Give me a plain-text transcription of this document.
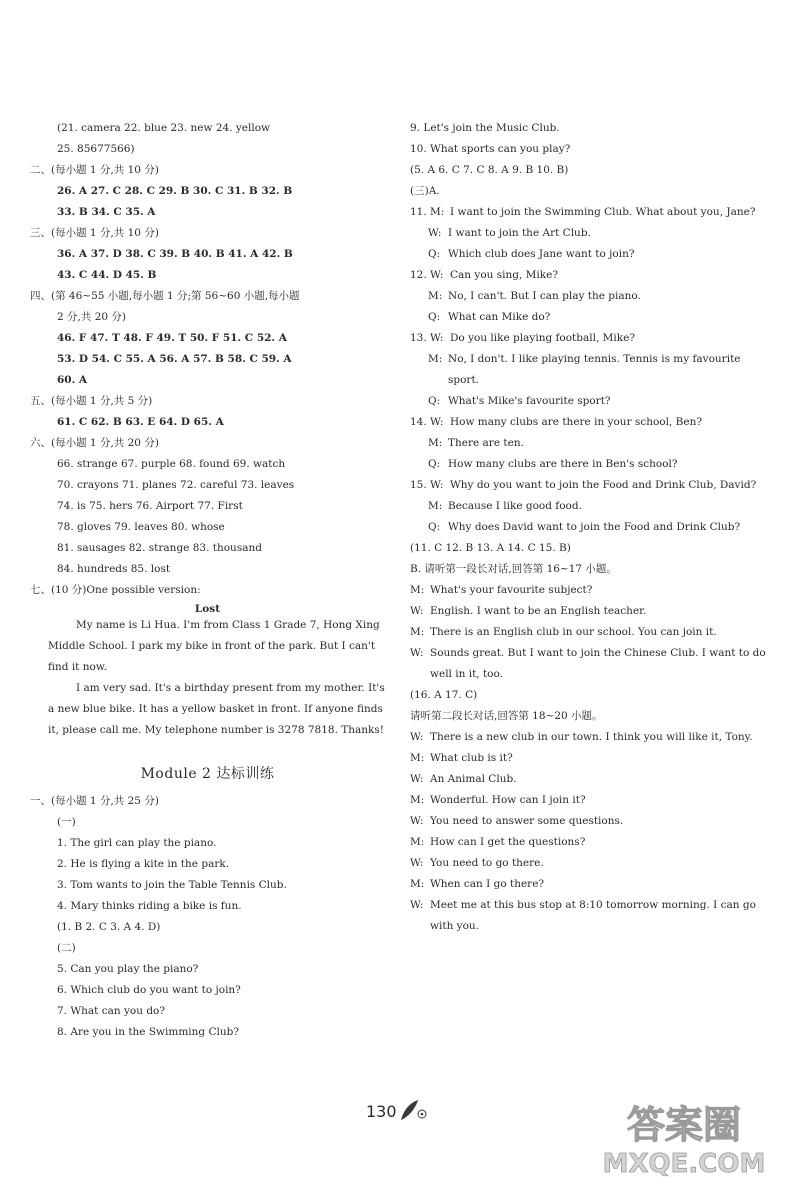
(21. camera 22. blue 23. new 24. yellow
25. 85677566)
二、(每小题 1 分,共 10 分)
26. A 27. C 28. C 29. B 30. C 31. B 32. B
33. B 34. C 35. A
三、(每小题 1 分,共 10 分)
36. A 37. D 38. C 39. B 40. B 41. A 42. B
43. C 44. D 45. B
四、(第 46~55 小题,每小题 1 分;第 56~60 小题,每小题
2 分,共 20 分)
46. F 47. T 48. F 49. T 50. F 51. C 52. A
53. D 54. C 55. A 56. A 57. B 58. C 59. A
60. A
五、(每小题 1 分,共 5 分)
61. C 62. B 63. E 64. D 65. A
六、(每小题 1 分,共 20 分)
66. strange 67. purple 68. found 69. watch
70. crayons 71. planes 72. careful 73. leaves
74. is 75. hers 76. Airport 77. First
78. gloves 79. leaves 80. whose
81. sausages 82. strange 83. thousand
84. hundreds 85. lost
七、(10 分)One possible version:
Lost
My name is Li Hua. I'm from Class 1 Grade 7, Hong Xing Middle School. I park my bike in front of the park. But I can't find it now.
I am very sad. It's a birthday present from my mother. It's a new blue bike. It has a yellow basket in front. If anyone finds it, please call me. My telephone number is 3278 7818. Thanks!
Module 2 达标训练
一、(每小题 1 分,共 25 分)
(一)
1. The girl can play the piano.
2. He is flying a kite in the park.
3. Tom wants to join the Table Tennis Club.
4. Mary thinks riding a bike is fun.
(1. B 2. C 3. A 4. D)
(二)
5. Can you play the piano?
6. Which club do you want to join?
7. What can you do?
8. Are you in the Swimming Club?
9. Let's join the Music Club.
10. What sports can you play?
(5. A 6. C 7. C 8. A 9. B 10. B)
(三)A.
11. M: I want to join the Swimming Club. What about you, Jane?
W: I want to join the Art Club.
Q: Which club does Jane want to join?
12. W: Can you sing, Mike?
M: No, I can't. But I can play the piano.
Q: What can Mike do?
13. W: Do you like playing football, Mike?
M: No, I don't. I like playing tennis. Tennis is my favourite sport.
Q: What's Mike's favourite sport?
14. W: How many clubs are there in your school, Ben?
M: There are ten.
Q: How many clubs are there in Ben's school?
15. W: Why do you want to join the Food and Drink Club, David?
M: Because I like good food.
Q: Why does David want to join the Food and Drink Club?
(11. C 12. B 13. A 14. C 15. B)
B. 请听第一段长对话,回答第 16~17 小题。
M: What's your favourite subject?
W: English. I want to be an English teacher.
M: There is an English club in our school. You can join it.
W: Sounds great. But I want to join the Chinese Club. I want to do well in it, too.
(16. A 17. C)
请听第二段长对话,回答第 18~20 小题。
W: There is a new club in our town. I think you will like it, Tony.
M: What club is it?
W: An Animal Club.
M: Wonderful. How can I join it?
W: You need to answer some questions.
M: How can I get the questions?
W: You need to go there.
M: When can I go there?
W: Meet me at this bus stop at 8:10 tomorrow morning. I can go with you.
130	答案圈
MXQE.COM
